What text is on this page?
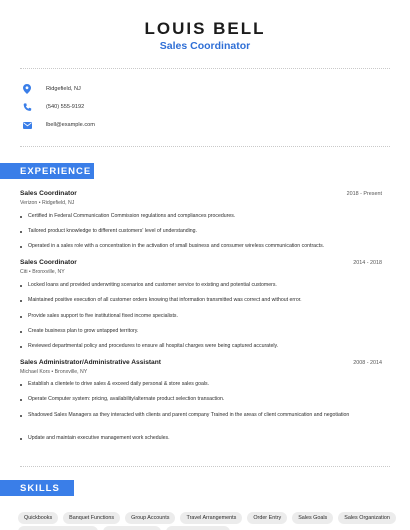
LOUIS BELL
Sales Coordinator
Ridgefield, NJ
(540) 555-9192
lbell@example.com
EXPERIENCE
Sales Coordinator	2018 - Present
Verizon • Ridgefield, NJ
Certified in Federal Communication Commission regulations and compliances procedures.
Tailored product knowledge to different customers' level of understanding.
Operated in a sales role with a concentration in the activation of small business and consumer wireless communication contracts.
Sales Coordinator	2014 - 2018
Citi • Bronxville, NY
Locked loans and provided underwriting scenarios and customer service to existing and potential customers.
Maintained positive execution of all customer orders knowing that information transmitted was correct and without error.
Provide sales support to five institutional fixed income specialists.
Create business plan to grow untapped territory.
Reviewed departmental policy and procedures to ensure all hospital charges were being captured accurately.
Sales Administrator/Administrative Assistant	2008 - 2014
Michael Kors • Bronxville, NY
Establish a clientele to drive sales & exceed daily personal & store sales goals.
Operate Computer system: pricing, availability/alternate product selection transaction.
Shadowed Sales Managers as they interacted with clients and parent company Trained in the areas of client communication and negotiation
Update and maintain executive management work schedules.
SKILLS
Quickbooks	Banquet Functions	Group Accounts	Travel Arrangements	Order Entry	Sales Goals	Sales Organization
